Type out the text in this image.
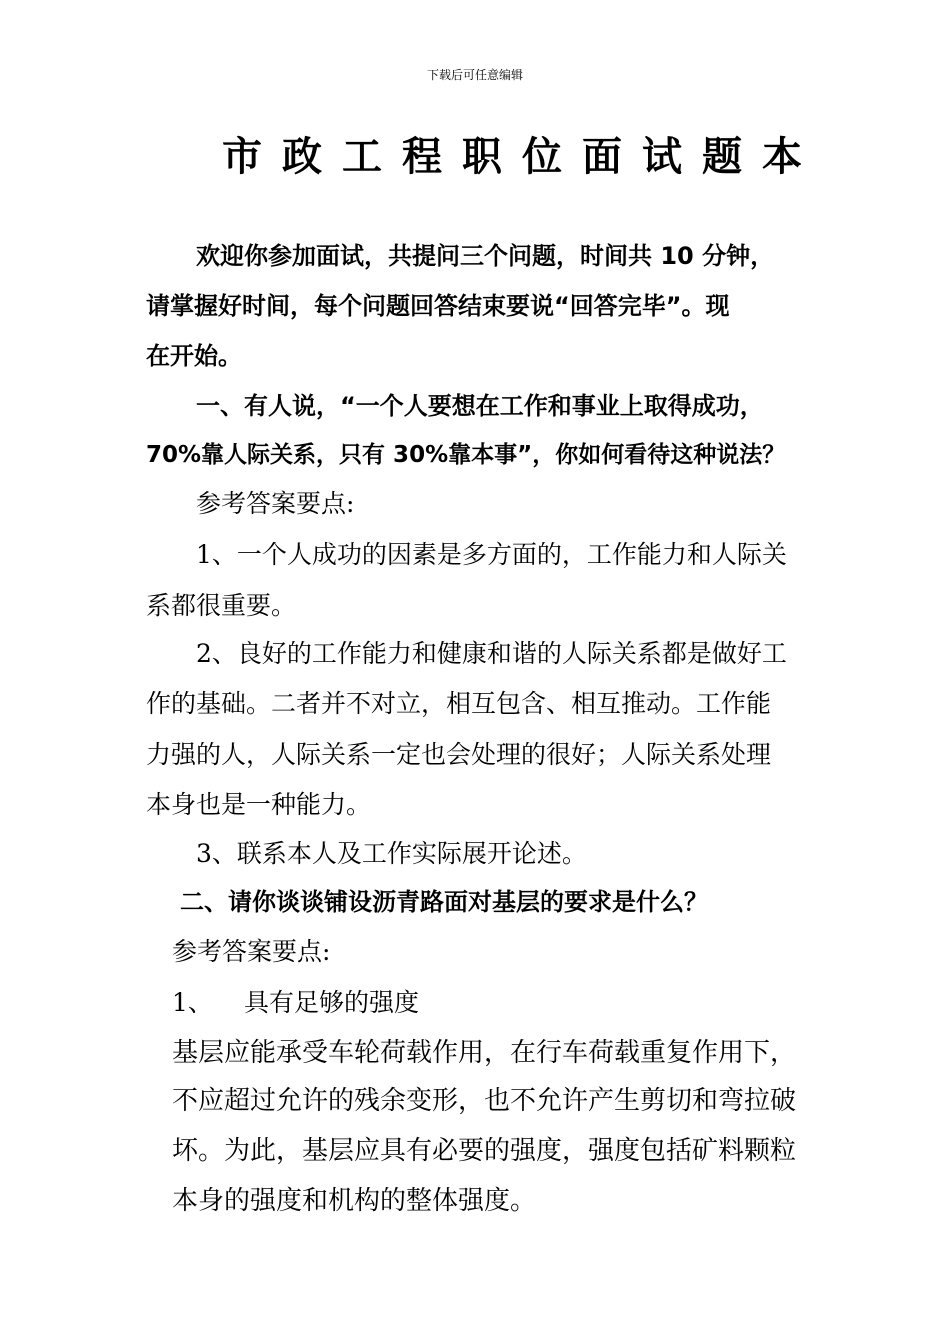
下载后可任意编辑
市政工程职位面试题本
欢迎你参加面试，共提问三个问题，时间共 10 分钟，
请掌握好时间，每个问题回答结束要说“回答完毕”。现
在开始。
一、有人说，“一个人要想在工作和事业上取得成功，
70%靠人际关系，只有 30%靠本事”，你如何看待这种说法？
参考答案要点:
1、一个人成功的因素是多方面的，工作能力和人际关
系都很重要。
2、良好的工作能力和健康和谐的人际关系都是做好工
作的基础。二者并不对立，相互包含、相互推动。工作能
力强的人，人际关系一定也会处理的很好；人际关系处理
本身也是一种能力。
3、联系本人及工作实际展开论述。
二、请你谈谈铺设沥青路面对基层的要求是什么？
参考答案要点:
1、 具有足够的强度
基层应能承受车轮荷载作用，在行车荷载重复作用下，
不应超过允许的残余变形，也不允许产生剪切和弯拉破
坏。为此，基层应具有必要的强度，强度包括矿料颗粒
本身的强度和机构的整体强度。
